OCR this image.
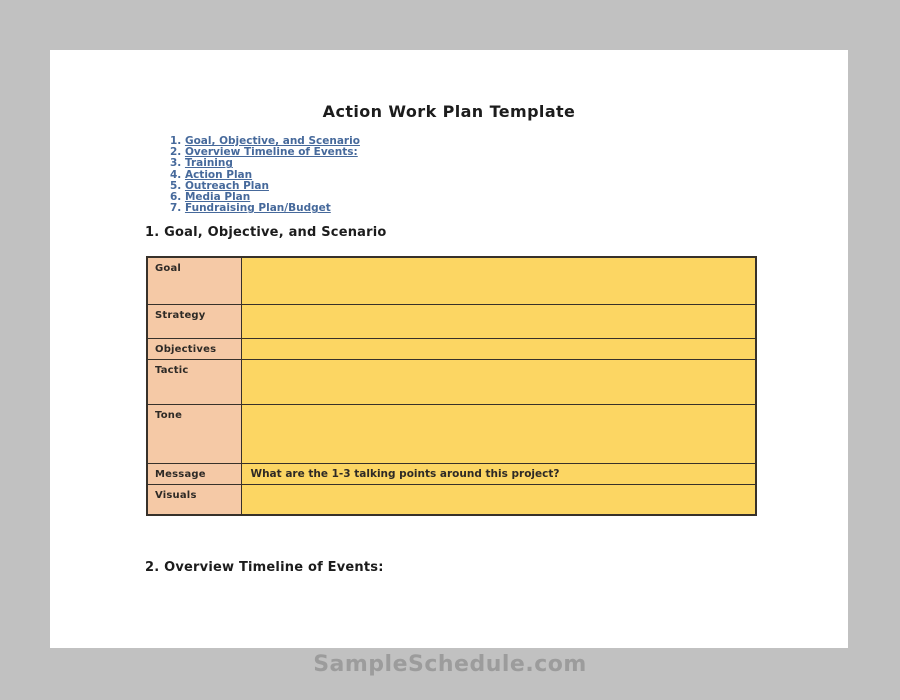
Action Work Plan Template
1. Goal, Objective, and Scenario
2. Overview Timeline of Events:
3. Training
4. Action Plan
5. Outreach Plan
6. Media Plan
7. Fundraising Plan/Budget
1. Goal, Objective, and Scenario
Goal	
Strategy	
Objectives	
Tactic	
Tone	
Message	What are the 1-3 talking points around this project?
Visuals	
2. Overview Timeline of Events:
SampleSchedule.com
